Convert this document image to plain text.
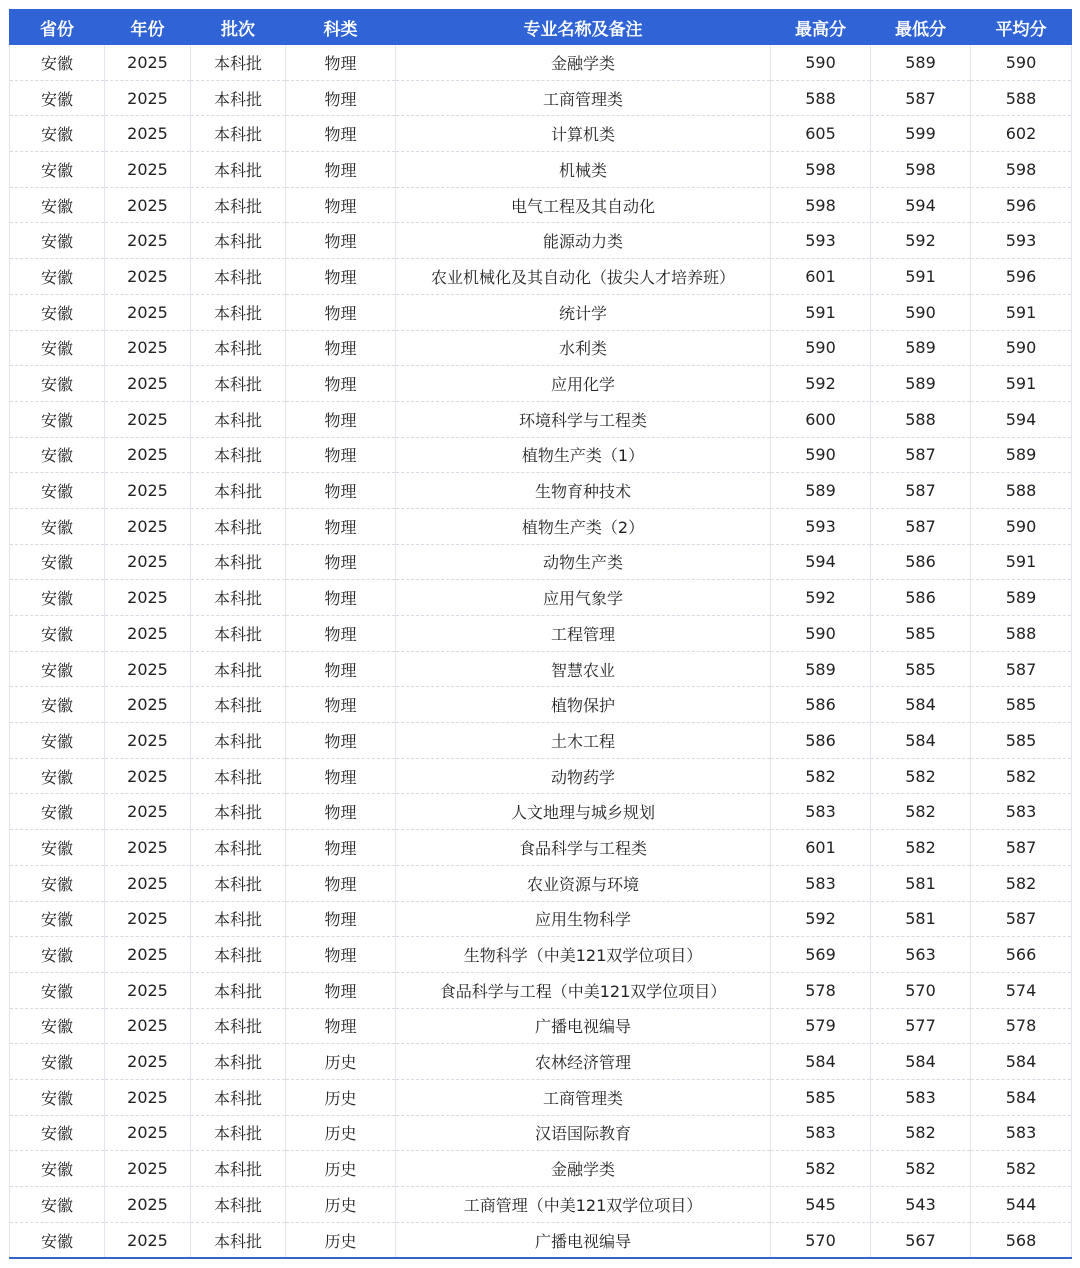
省份	年份	批次	科类	专业名称及备注	最高分	最低分	平均分
安徽	2025	本科批	物理	金融学类	590	589	590
安徽	2025	本科批	物理	工商管理类	588	587	588
安徽	2025	本科批	物理	计算机类	605	599	602
安徽	2025	本科批	物理	机械类	598	598	598
安徽	2025	本科批	物理	电气工程及其自动化	598	594	596
安徽	2025	本科批	物理	能源动力类	593	592	593
安徽	2025	本科批	物理	农业机械化及其自动化（拔尖人才培养班）	601	591	596
安徽	2025	本科批	物理	统计学	591	590	591
安徽	2025	本科批	物理	水利类	590	589	590
安徽	2025	本科批	物理	应用化学	592	589	591
安徽	2025	本科批	物理	环境科学与工程类	600	588	594
安徽	2025	本科批	物理	植物生产类（1）	590	587	589
安徽	2025	本科批	物理	生物育种技术	589	587	588
安徽	2025	本科批	物理	植物生产类（2）	593	587	590
安徽	2025	本科批	物理	动物生产类	594	586	591
安徽	2025	本科批	物理	应用气象学	592	586	589
安徽	2025	本科批	物理	工程管理	590	585	588
安徽	2025	本科批	物理	智慧农业	589	585	587
安徽	2025	本科批	物理	植物保护	586	584	585
安徽	2025	本科批	物理	土木工程	586	584	585
安徽	2025	本科批	物理	动物药学	582	582	582
安徽	2025	本科批	物理	人文地理与城乡规划	583	582	583
安徽	2025	本科批	物理	食品科学与工程类	601	582	587
安徽	2025	本科批	物理	农业资源与环境	583	581	582
安徽	2025	本科批	物理	应用生物科学	592	581	587
安徽	2025	本科批	物理	生物科学（中美121双学位项目）	569	563	566
安徽	2025	本科批	物理	食品科学与工程（中美121双学位项目）	578	570	574
安徽	2025	本科批	物理	广播电视编导	579	577	578
安徽	2025	本科批	历史	农林经济管理	584	584	584
安徽	2025	本科批	历史	工商管理类	585	583	584
安徽	2025	本科批	历史	汉语国际教育	583	582	583
安徽	2025	本科批	历史	金融学类	582	582	582
安徽	2025	本科批	历史	工商管理（中美121双学位项目）	545	543	544
安徽	2025	本科批	历史	广播电视编导	570	567	568
